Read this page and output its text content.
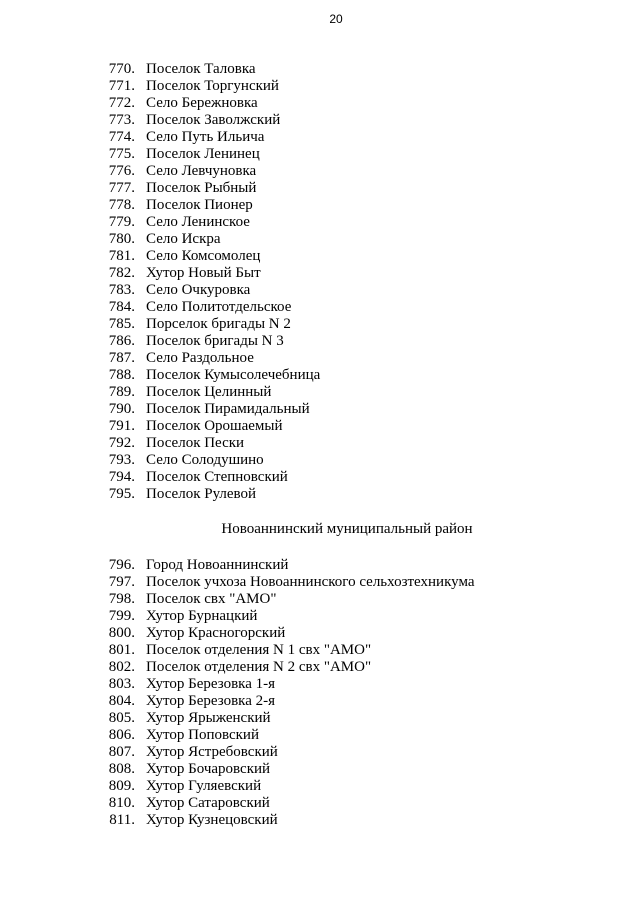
20
770. Поселок Таловка
771. Поселок Торгунский
772. Село Бережновка
773. Поселок Заволжский
774. Село Путь Ильича
775. Поселок Ленинец
776. Село Левчуновка
777. Поселок Рыбный
778. Поселок Пионер
779. Село Ленинское
780. Село Искра
781. Село Комсомолец
782. Хутор Новый Быт
783. Село Очкуровка
784. Село Политотдельское
785. Порселок бригады N 2
786. Поселок бригады N 3
787. Село Раздольное
788. Поселок Кумысолечебница
789. Поселок Целинный
790. Поселок Пирамидальный
791. Поселок Орошаемый
792. Поселок Пески
793. Село Солодушино
794. Поселок Степновский
795. Поселок Рулевой
Новоаннинский муниципальный район
796. Город Новоаннинский
797. Поселок учхоза Новоаннинского сельхозтехникума
798. Поселок свх "АМО"
799. Хутор Бурнацкий
800. Хутор Красногорский
801. Поселок отделения N 1 свх "АМО"
802. Поселок отделения N 2 свх "АМО"
803. Хутор Березовка 1-я
804. Хутор Березовка 2-я
805. Хутор Ярыженский
806. Хутор Поповский
807. Хутор Ястребовский
808. Хутор Бочаровский
809. Хутор Гуляевский
810. Хутор Сатаровский
811. Хутор Кузнецовский
